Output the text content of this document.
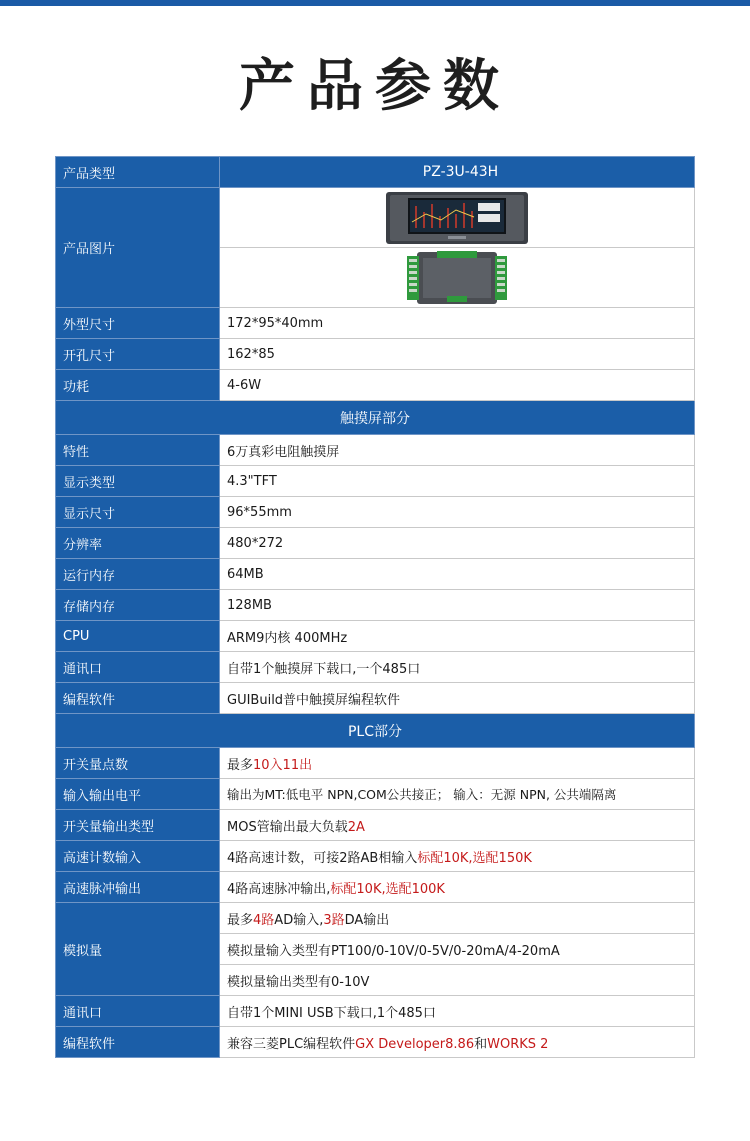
产品参数
产品类型	PZ-3U-43H
产品图片	

外型尺寸	172*95*40mm
开孔尺寸	162*85
功耗	4-6W
触摸屏部分	
特性	6万真彩电阻触摸屏
显示类型	4.3"TFT
显示尺寸	96*55mm
分辨率	480*272
运行内存	64MB
存储内存	128MB
CPU	ARM9内核 400MHz
通讯口	自带1个触摸屏下载口,一个485口
编程软件	GUIBuild普中触摸屏编程软件
PLC部分	
开关量点数	最多10入11出
输入输出电平	输出为MT:低电平 NPN,COM公共接正； 输入：无源 NPN, 公共端隔离
开关量输出类型	MOS管输出最大负载2A
高速计数输入	4路高速计数，可接2路AB相输入标配10K,选配150K
高速脉冲输出	4路高速脉冲输出,标配10K,选配100K
模拟量	最多4路AD输入,3路DA输出
	模拟量输入类型有PT100/0-10V/0-5V/0-20mA/4-20mA
	模拟量输出类型有0-10V
通讯口	自带1个MINI USB下载口,1个485口
编程软件	兼容三菱PLC编程软件GX Developer8.86和WORKS 2
